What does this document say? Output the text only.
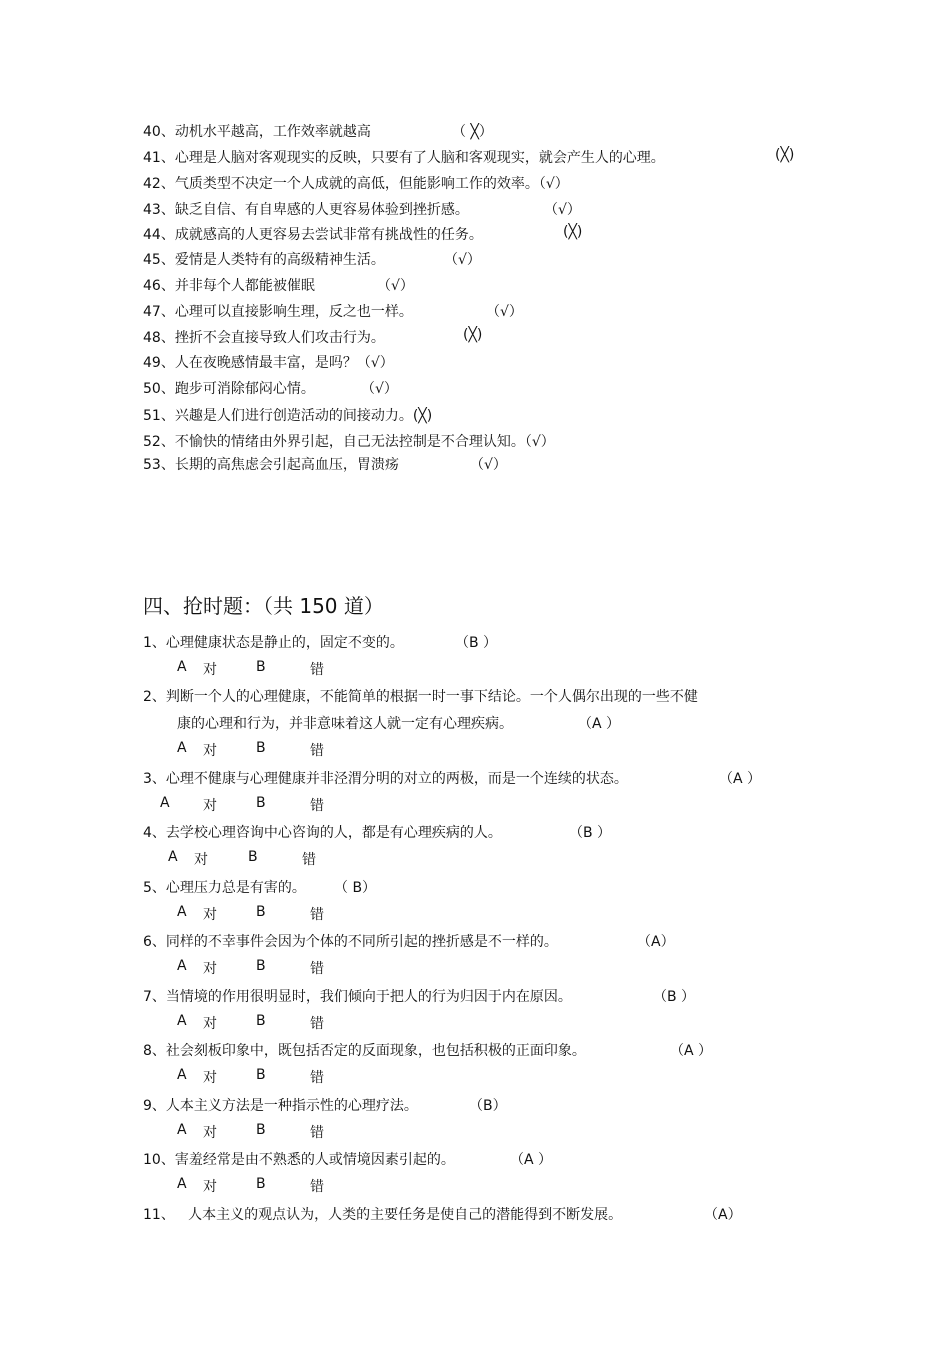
40、动机水平越高，工作效率就越高	（ ╳）
41、心理是人脑对客观现实的反映，只要有了人脑和客观现实，就会产生人的心理。	(╳)
42、气质类型不决定一个人成就的高低，但能影响工作的效率。（√）
43、缺乏自信、有自卑感的人更容易体验到挫折感。	（√）
44、成就感高的人更容易去尝试非常有挑战性的任务。	(╳)
45、爱情是人类特有的高级精神生活。	（√）
46、并非每个人都能被催眠	（√）
47、心理可以直接影响生理，反之也一样。	（√）
48、挫折不会直接导致人们攻击行为。	(╳)
49、人在夜晚感情最丰富，是吗？（√）
50、跑步可消除郁闷心情。	（√）
51、兴趣是人们进行创造活动的间接动力。(╳)
52、不愉快的情绪由外界引起，自己无法控制是不合理认知。（√）
53、长期的高焦虑会引起高血压，胃溃疡	（√）
四、抢时题：（共 150 道）
1、心理健康状态是静止的，固定不变的。	（B ）
A 对	B	错
2、判断一个人的心理健康，不能简单的根据一时一事下结论。一个人偶尔出现的一些不健
康的心理和行为，并非意味着这人就一定有心理疾病。	（A ）
A 对	B	错
3、心理不健康与心理健康并非泾渭分明的对立的两极，而是一个连续的状态。	（A ）
A 对	B	错
4、去学校心理咨询中心咨询的人，都是有心理疾病的人。	（B ）
A 对	B	错
5、心理压力总是有害的。 （ B）
A 对	B	错
6、同样的不幸事件会因为个体的不同所引起的挫折感是不一样的。	（A）
A 对	B	错
7、当情境的作用很明显时，我们倾向于把人的行为归因于内在原因。	（B ）
A 对	B	错
8、社会刻板印象中，既包括否定的反面现象，也包括积极的正面印象。	（A ）
A 对	B	错
9、人本主义方法是一种指示性的心理疗法。	（B）
A 对	B	错
10、害羞经常是由不熟悉的人或情境因素引起的。	（A ）
A 对	B	错
11、   人本主义的观点认为，人类的主要任务是使自己的潜能得到不断发展。	（A）
